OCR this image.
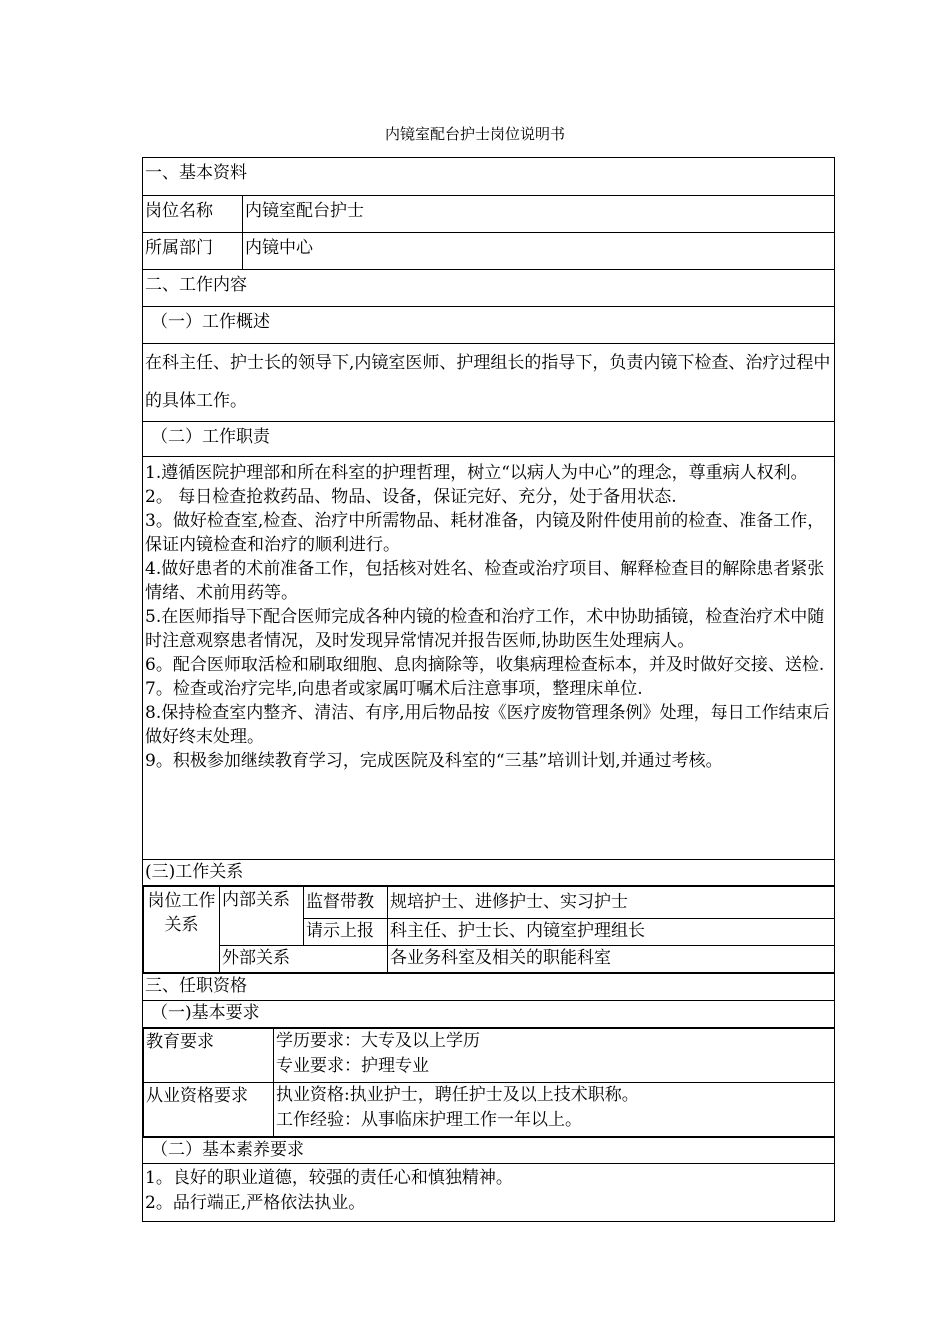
内镜室配台护士岗位说明书
一、基本资料
岗位名称	内镜室配台护士
所属部门	内镜中心
二、工作内容
（一）工作概述
在科主任、护士长的领导下,内镜室医师、护理组长的指导下，负责内镜下检查、治疗过程中的具体工作。
（二）工作职责

1.遵循医院护理部和所在科室的护理哲理，树立“以病人为中心”的理念，尊重病人权利。

2。 每日检查抢救药品、物品、设备，保证完好、充分，处于备用状态.

3。做好检查室,检查、治疗中所需物品、耗材准备，内镜及附件使用前的检查、准备工作，保证内镜检查和治疗的顺利进行。

4.做好患者的术前准备工作，包括核对姓名、检查或治疗项目、解释检查目的解除患者紧张情绪、术前用药等。

5.在医师指导下配合医师完成各种内镜的检查和治疗工作，术中协助插镜，检查治疗术中随时注意观察患者情况，及时发现异常情况并报告医师,协助医生处理病人。

6。配合医师取活检和刷取细胞、息肉摘除等，收集病理检查标本，并及时做好交接、送检.

7。检查或治疗完毕,向患者或家属叮嘱术后注意事项，整理床单位.

8.保持检查室内整齐、清洁、有序,用后物品按《医疗废物管理条例》处理，每日工作结束后做好终末处理。

9。积极参加继续教育学习，完成医院及科室的“三基”培训计划,并通过考核。

(三)工作关系

岗位工作关系	内部关系	监督带教	规培护士、进修护士、实习护士
请示上报	科主任、护士长、内镜室护理组长
外部关系	各业务科室及相关的职能科室

三、任职资格
（一)基本要求

教育要求	学历要求：大专及以上学历
专业要求：护理专业

从业资格要求	执业资格:执业护士，聘任护士及以上技术职称。
工作经验：从事临床护理工作一年以上。

（二）基本素养要求

1。良好的职业道德，较强的责任心和慎独精神。
2。品行端正,严格依法执业。
